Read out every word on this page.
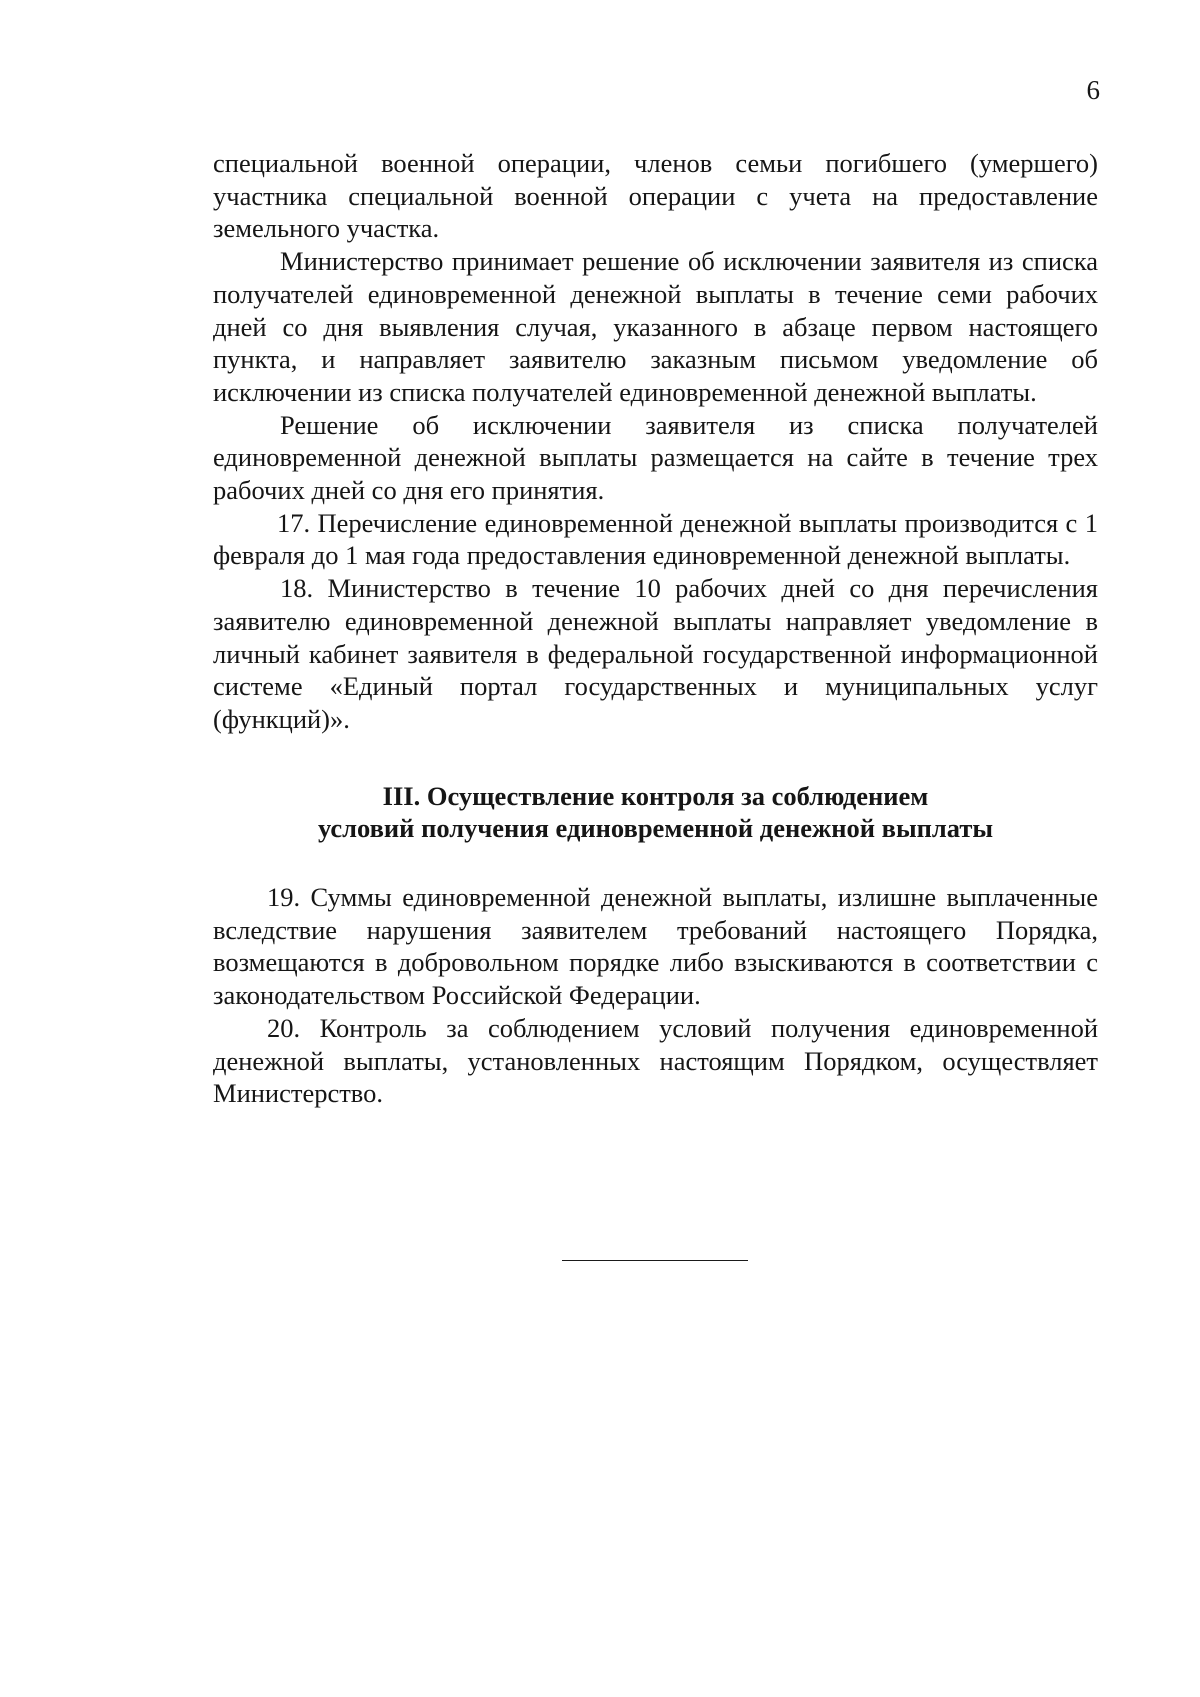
6

специальной военной операции, членов семьи погибшего (умершего) участника специальной военной операции с учета на предоставление земельного участка.

Министерство принимает решение об исключении заявителя из списка получателей единовременной денежной выплаты в течение семи рабочих дней со дня выявления случая, указанного в абзаце первом настоящего пункта, и направляет заявителю заказным письмом уведомление об исключении из списка получателей единовременной денежной выплаты.

Решение об исключении заявителя из списка получателей единовременной денежной выплаты размещается на сайте в течение трех рабочих дней со дня его принятия.

17. Перечисление единовременной денежной выплаты производится с 1 февраля до 1 мая года предоставления единовременной денежной выплаты.

18. Министерство в течение 10 рабочих дней со дня перечисления заявителю единовременной денежной выплаты направляет уведомление в личный кабинет заявителя в федеральной государственной информационной системе «Единый портал государственных и муниципальных услуг (функций)».

III. Осуществление контроля за соблюдением
условий получения единовременной денежной выплаты

19. Суммы единовременной денежной выплаты, излишне выплаченные вследствие нарушения заявителем требований настоящего Порядка, возмещаются в добровольном порядке либо взыскиваются в соответствии с законодательством Российской Федерации.

20. Контроль за соблюдением условий получения единовременной денежной выплаты, установленных настоящим Порядком, осуществляет Министерство.
